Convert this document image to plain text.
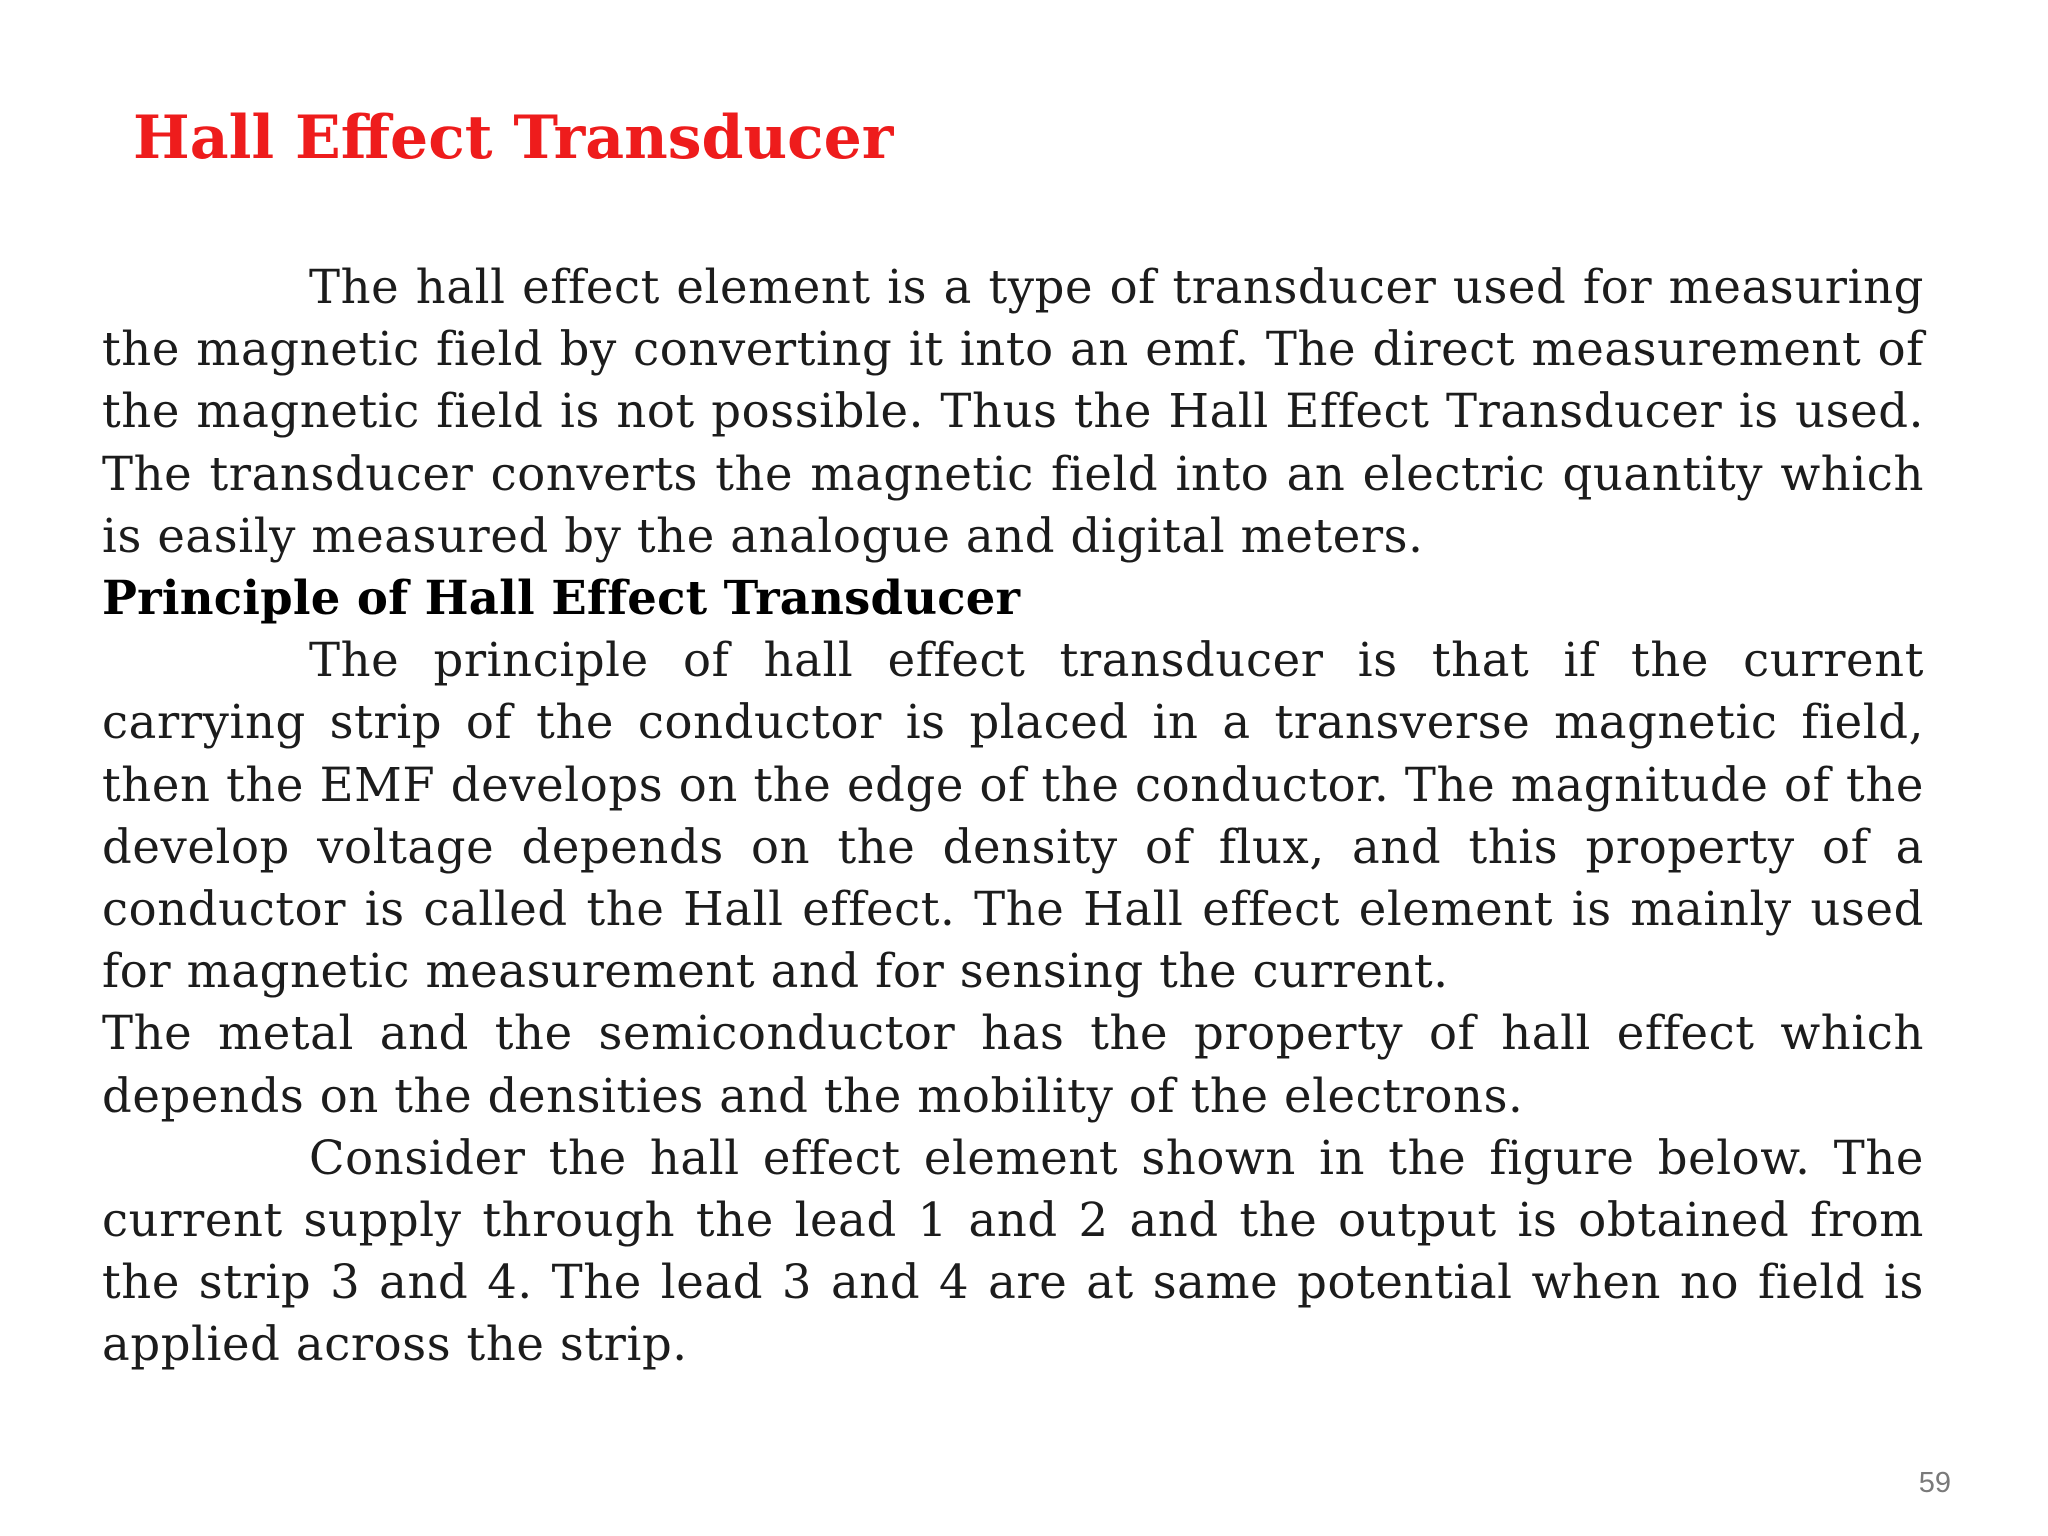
Hall Effect Transducer

The hall effect element is a type of transducer used for measuring the magnetic field by converting it into an emf. The direct measurement of the magnetic field is not possible. Thus the Hall Effect Transducer is used. The transducer converts the magnetic field into an electric quantity which is easily measured by the analogue and digital meters.

Principle of Hall Effect Transducer

The principle of hall effect transducer is that if the current carrying strip of the conductor is placed in a transverse magnetic field, then the EMF develops on the edge of the conductor. The magnitude of the develop voltage depends on the density of flux, and this property of a conductor is called the Hall effect. The Hall effect element is mainly used for magnetic measurement and for sensing the current.

The metal and the semiconductor has the property of hall effect which depends on the densities and the mobility of the electrons.

Consider the hall effect element shown in the figure below. The current supply through the lead 1 and 2 and the output is obtained from the strip 3 and 4. The lead 3 and 4 are at same potential when no field is applied across the strip.

59
